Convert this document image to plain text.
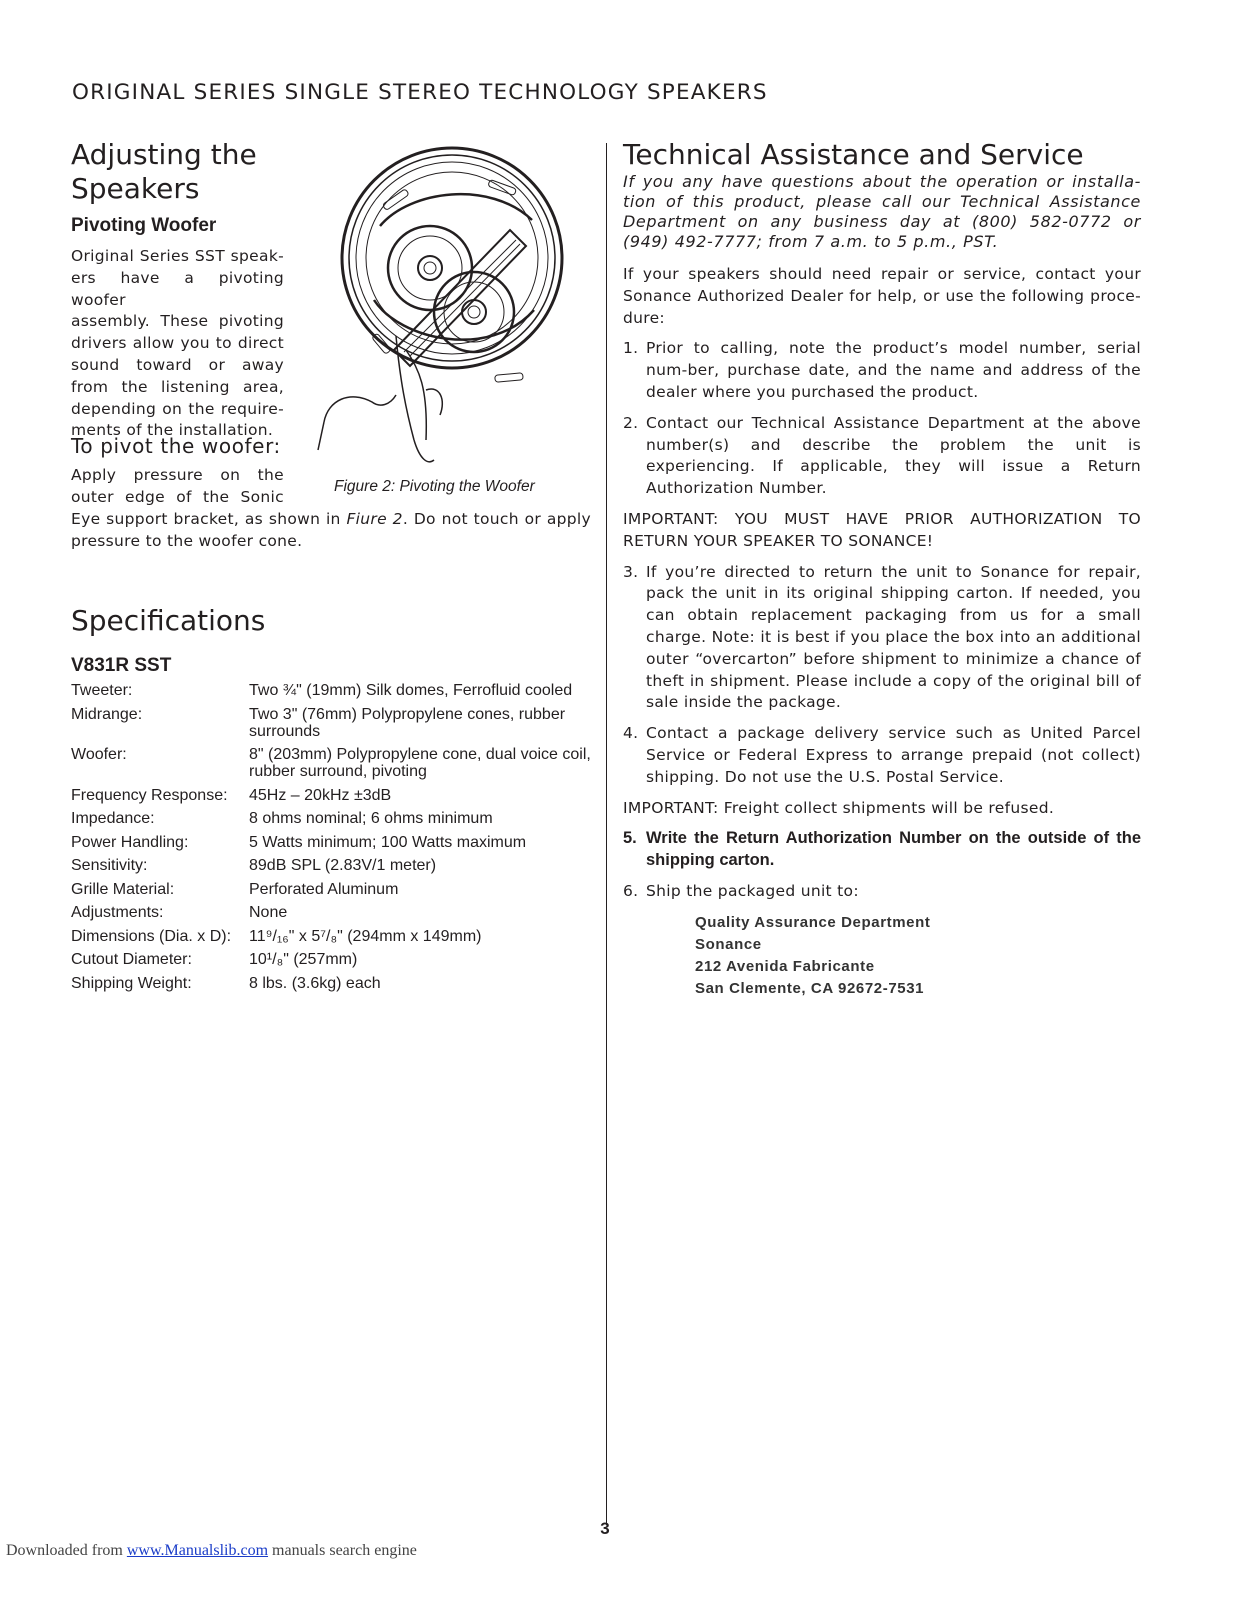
ORIGINAL SERIES SINGLE STEREO TECHNOLOGY SPEAKERS
Adjusting the
Speakers
Pivoting Woofer
Original Series SST speak-
ers have a pivoting woofer
assembly. These pivoting
drivers allow you to direct
sound toward or away
from the listening area,
depending on the require-
ments of the installation.
To pivot the woofer:
Apply pressure on the
outer edge of the Sonic
Eye support bracket, as shown in Fiure 2. Do not touch or apply
pressure to the woofer cone.
Figure 2: Pivoting the Woofer
Specifications
V831R SST
Tweeter:	Two ¾" (19mm) Silk domes, Ferrofluid cooled
Midrange:	Two 3" (76mm) Polypropylene cones, rubber surrounds
Woofer:	8" (203mm) Polypropylene cone, dual voice coil, rubber surround, pivoting
Frequency Response:	45Hz – 20kHz ±3dB
Impedance:	8 ohms nominal; 6 ohms minimum
Power Handling:	5 Watts minimum; 100 Watts maximum
Sensitivity:	89dB SPL (2.83V/1 meter)
Grille Material:	Perforated Aluminum
Adjustments:	None
Dimensions (Dia. x D):	11⁹/₁₆" x 5⁷/₈" (294mm x 149mm)
Cutout Diameter:	10¹/₈" (257mm)
Shipping Weight:	8 lbs. (3.6kg) each
Technical Assistance and Service

If you any have questions about the operation or installa-tion of this product, please call our Technical Assistance Department on any business day at (800) 582-0772 or (949) 492-7777; from 7 a.m. to 5 p.m., PST.

If your speakers should need repair or service, contact your Sonance Authorized Dealer for help, or use the following proce-dure:

1. Prior to calling, note the product’s model number, serial num-ber, purchase date, and the name and address of the dealer where you purchased the product.
2. Contact our Technical Assistance Department at the above number(s) and describe the problem the unit is experiencing. If applicable, they will issue a Return Authorization Number.

IMPORTANT: YOU MUST HAVE PRIOR AUTHORIZATION TO RETURN YOUR SPEAKER TO SONANCE!

3. If you’re directed to return the unit to Sonance for repair, pack the unit in its original shipping carton. If needed, you can obtain replacement packaging from us for a small charge. Note: it is best if you place the box into an additional outer “overcarton” before shipment to minimize a chance of theft in shipment. Please include a copy of the original bill of sale inside the package.
4. Contact a package delivery service such as United Parcel Service or Federal Express to arrange prepaid (not collect) shipping. Do not use the U.S. Postal Service.

IMPORTANT: Freight collect shipments will be refused.

5. Write the Return Authorization Number on the outside of the shipping carton.
6. Ship the packaged unit to:
Quality Assurance Department
Sonance
212 Avenida Fabricante
San Clemente, CA 92672-7531
3
Downloaded from www.Manualslib.com manuals search engine
